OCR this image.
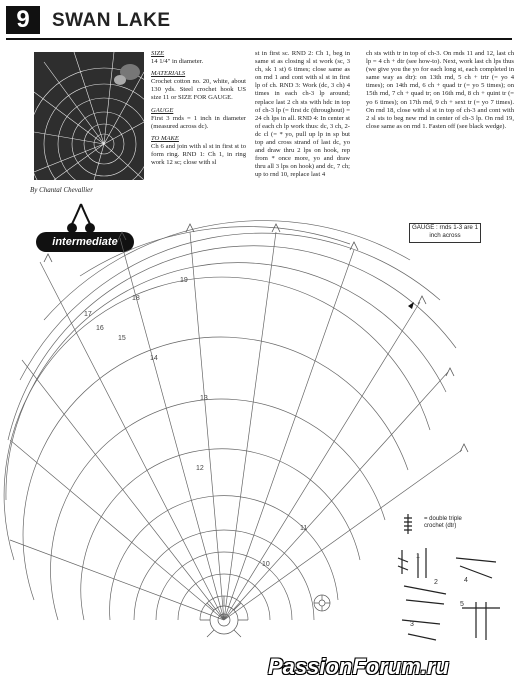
9	SWAN LAKE
By Chantal Chevallier
SIZE
14 1/4" in diameter.
MATERIALS
Crochet cotton no. 20, white, about 130 yds. Steel crochet hook US size 11 or SIZE FOR GAUGE.
GAUGE
First 3 rnds = 1 inch in diameter (measured across dc).
TO MAKE
Ch 6 and join with sl st in first st to form ring. RND 1: Ch 1, in ring work 12 sc; close with sl
st in first sc. RND 2: Ch 1, beg in same st as closing sl st work (sc, 3 ch, sk 1 st) 6 times; close same as on rnd 1 and cont with sl st in first lp of ch. RND 3: Work (dc, 3 ch) 4 times in each ch-3 lp around; replace last 2 ch sts with hdc in top of ch-3 lp (= first dc (throughout) = 24 ch lps in all. RND 4: In center st of each ch lp work thus: dc, 3 ch, 2-dc cl (= * yo, pull up lp in sp but top and cross strand of last dc, yo and draw thru 2 lps on hook, rep from * once more, yo and draw thru all 3 lps on hook) and dc, 7 ch; up to rnd 10, replace last 4
ch sts with tr in top of ch-3. On rnds 11 and 12, last ch lp = 4 ch + dtr (see how-to). Next, work last ch lps thus (we give you the yo for each long st, each completed in same way as dtr): on 13th rnd, 5 ch + trtr (= yo 4 times); on 14th rnd, 6 ch + quad tr (= yo 5 times); on 15th rnd, 7 ch + quad tr; on 16th rnd, 8 ch + quint tr (= yo 6 times); on 17th rnd, 9 ch + sext tr (= yo 7 times). On rnd 18, close with sl st in top of ch-3 and cont with 2 sl sts to beg new rnd in center of ch-3 lp. On rnd 19, close same as on rnd 1. Fasten off (see black wedge).
intermediate
GAUGE : rnds 1-3 are 1 inch across
10
11
12
13
14
15
16
17
18
19
1
2
3
4
5
= double triple crochet (dtr)
PassionForum.ru
